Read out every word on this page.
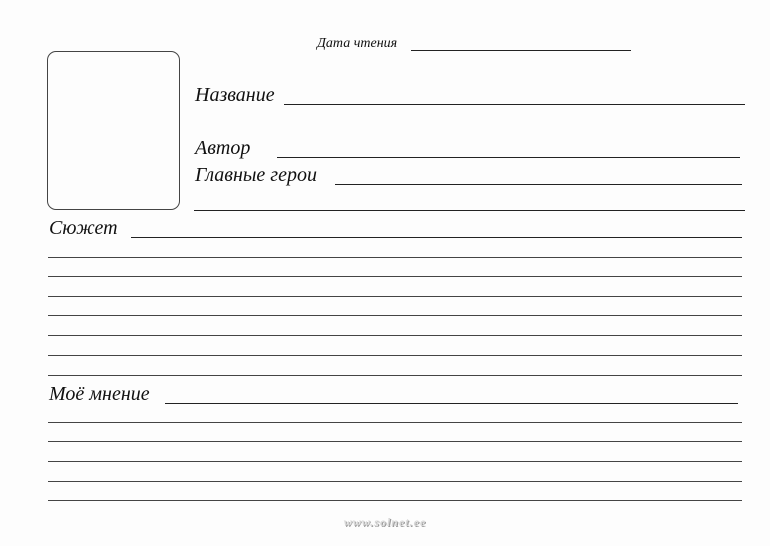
Дата чтения
Название
Автор
Главные герои
Сюжет
Моё мнение
www.solnet.ee
